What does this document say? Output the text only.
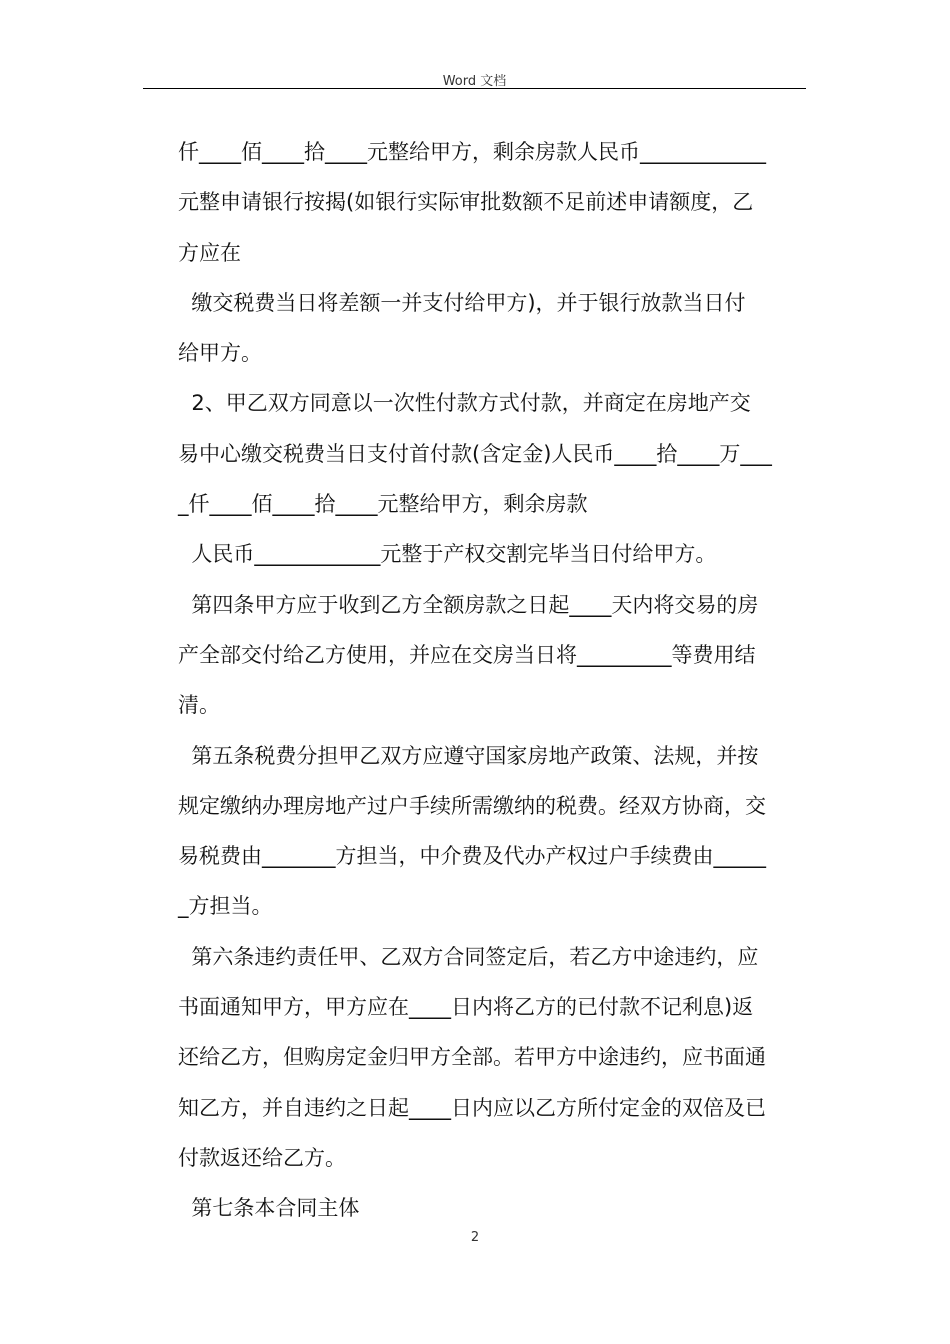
Word 文档
仟____佰____拾____元整给甲方，剩余房款人民币____________
元整申请银行按揭(如银行实际审批数额不足前述申请额度，乙
方应在
缴交税费当日将差额一并支付给甲方)，并于银行放款当日付
给甲方。
2、甲乙双方同意以一次性付款方式付款，并商定在房地产交
易中心缴交税费当日支付首付款(含定金)人民币____拾____万___
_仟____佰____拾____元整给甲方，剩余房款
人民币____________元整于产权交割完毕当日付给甲方。
第四条甲方应于收到乙方全额房款之日起____天内将交易的房
产全部交付给乙方使用，并应在交房当日将_________等费用结
清。
第五条税费分担甲乙双方应遵守国家房地产政策、法规，并按
规定缴纳办理房地产过户手续所需缴纳的税费。经双方协商，交
易税费由_______方担当，中介费及代办产权过户手续费由_____
_方担当。
第六条违约责任甲、乙双方合同签定后，若乙方中途违约，应
书面通知甲方，甲方应在____日内将乙方的已付款不记利息)返
还给乙方，但购房定金归甲方全部。若甲方中途违约，应书面通
知乙方，并自违约之日起____日内应以乙方所付定金的双倍及已
付款返还给乙方。
第七条本合同主体
2
